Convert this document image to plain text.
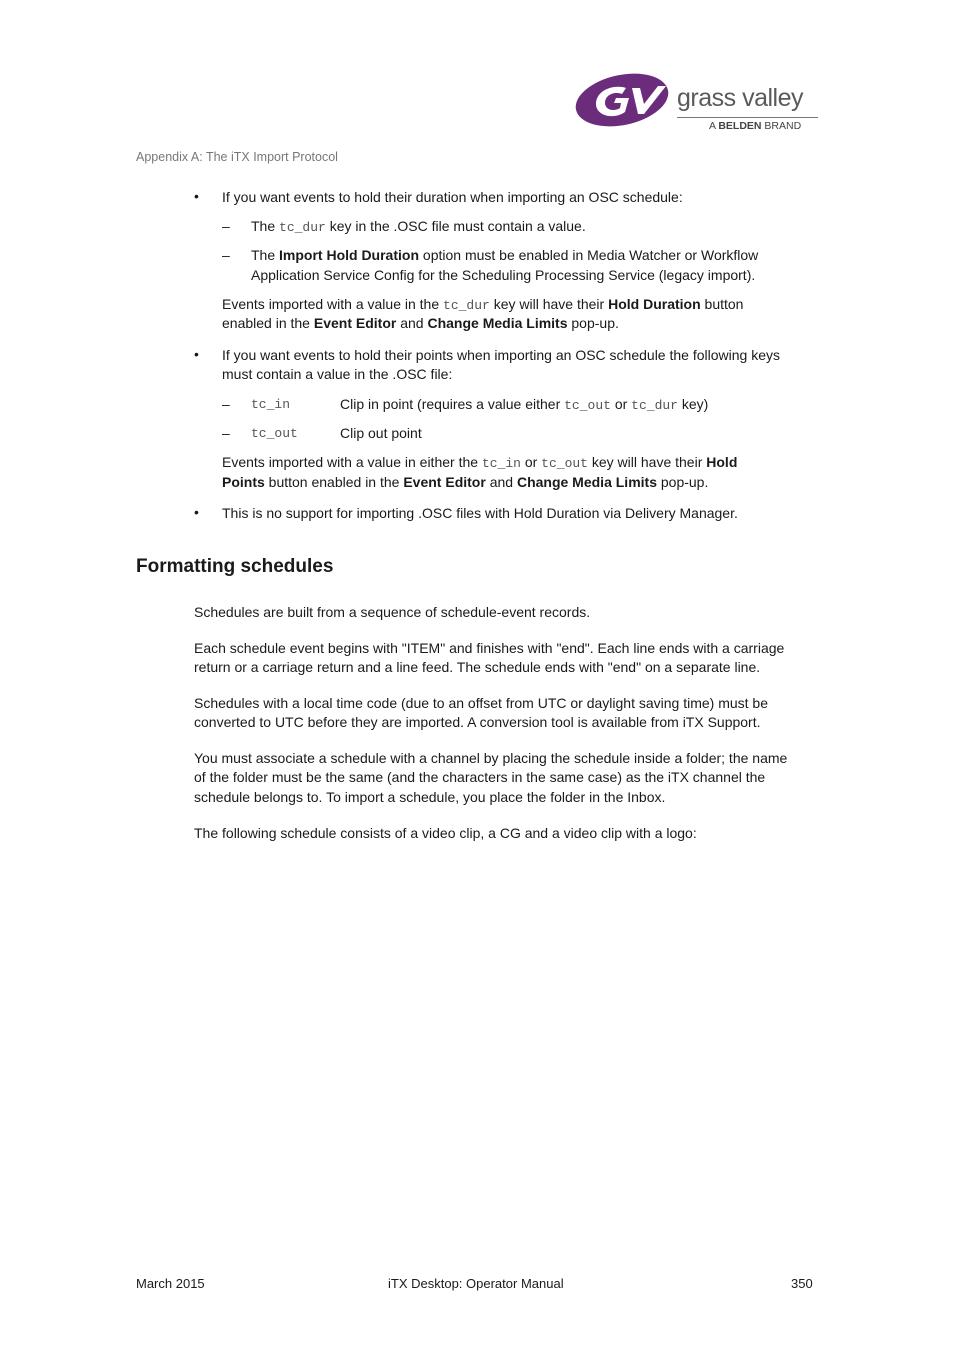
grass valley
A BELDEN BRAND
Appendix A: The iTX Import Protocol
• If you want events to hold their duration when importing an OSC schedule:
– The tc_dur key in the .OSC file must contain a value.
– The Import Hold Duration option must be enabled in Media Watcher or Workflow
Application Service Config for the Scheduling Processing Service (legacy import).
Events imported with a value in the tc_dur key will have their Hold Duration button
enabled in the Event Editor and Change Media Limits pop-up.
• If you want events to hold their points when importing an OSC schedule the following keys
must contain a value in the .OSC file:
– tc_in	Clip in point (requires a value either tc_out or tc_dur key)
– tc_out	Clip out point
Events imported with a value in either the tc_in or tc_out key will have their Hold
Points button enabled in the Event Editor and Change Media Limits pop-up.
• This is no support for importing .OSC files with Hold Duration via Delivery Manager.
Formatting schedules
Schedules are built from a sequence of schedule-event records.
Each schedule event begins with "ITEM" and finishes with "end". Each line ends with a carriage
return or a carriage return and a line feed. The schedule ends with "end" on a separate line.
Schedules with a local time code (due to an offset from UTC or daylight saving time) must be
converted to UTC before they are imported. A conversion tool is available from iTX Support.
You must associate a schedule with a channel by placing the schedule inside a folder; the name
of the folder must be the same (and the characters in the same case) as the iTX channel the
schedule belongs to. To import a schedule, you place the folder in the Inbox.
The following schedule consists of a video clip, a CG and a video clip with a logo:
March 2015	iTX Desktop: Operator Manual	350
